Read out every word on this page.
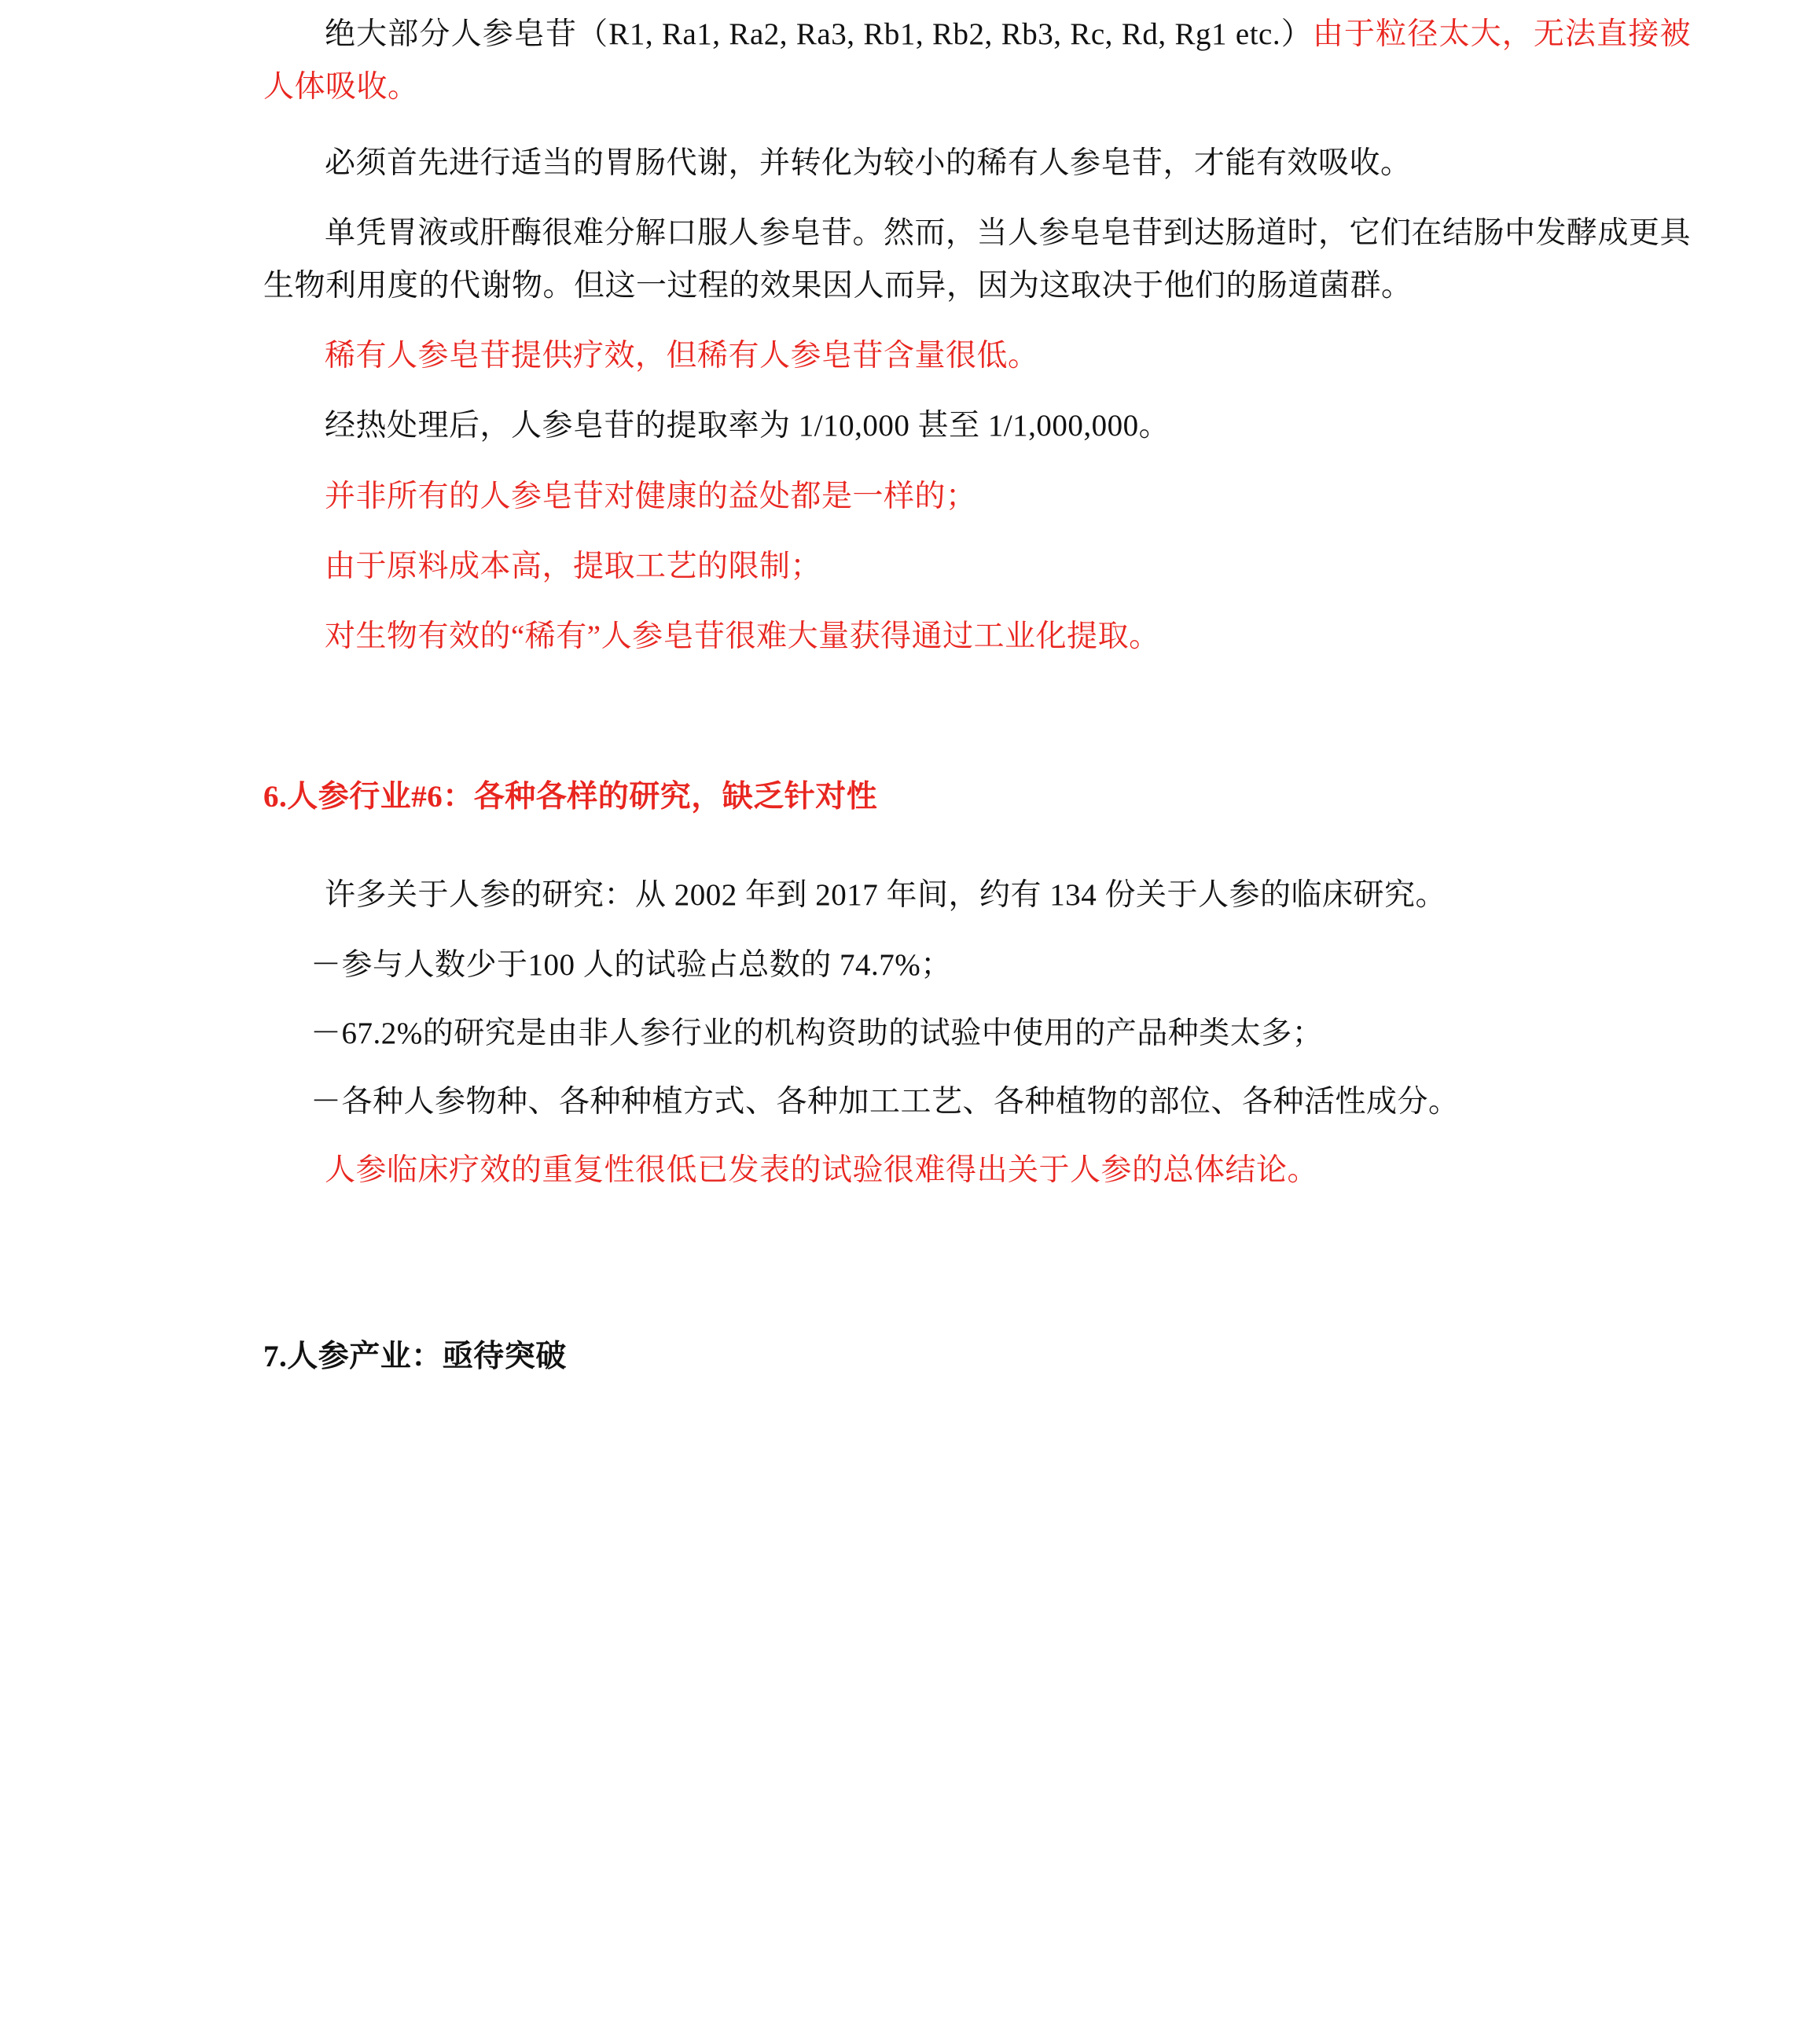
绝大部分人参皂苷（R1, Ra1, Ra2, Ra3, Rb1, Rb2, Rb3, Rc, Rd, Rg1 etc.）由于粒径太大，无法直接被人体吸收。

必须首先进行适当的胃肠代谢，并转化为较小的稀有人参皂苷，才能有效吸收。

单凭胃液或肝酶很难分解口服人参皂苷。然而，当人参皂皂苷到达肠道时，它们在结肠中发酵成更具生物利用度的代谢物。但这一过程的效果因人而异，因为这取决于他们的肠道菌群。

稀有人参皂苷提供疗效，但稀有人参皂苷含量很低。

经热处理后，人参皂苷的提取率为 1/10,000 甚至 1/1,000,000。

并非所有的人参皂苷对健康的益处都是一样的；

由于原料成本高，提取工艺的限制；

对生物有效的“稀有”人参皂苷很难大量获得通过工业化提取。

6.人参行业#6：各种各样的研究，缺乏针对性

许多关于人参的研究：从 2002 年到 2017 年间，约有 134 份关于人参的临床研究。

－参与人数少于100 人的试验占总数的 74.7%；

－67.2%的研究是由非人参行业的机构资助的试验中使用的产品种类太多；

－各种人参物种、各种种植方式、各种加工工艺、各种植物的部位、各种活性成分。

人参临床疗效的重复性很低已发表的试验很难得出关于人参的总体结论。

7.人参产业：亟待突破
